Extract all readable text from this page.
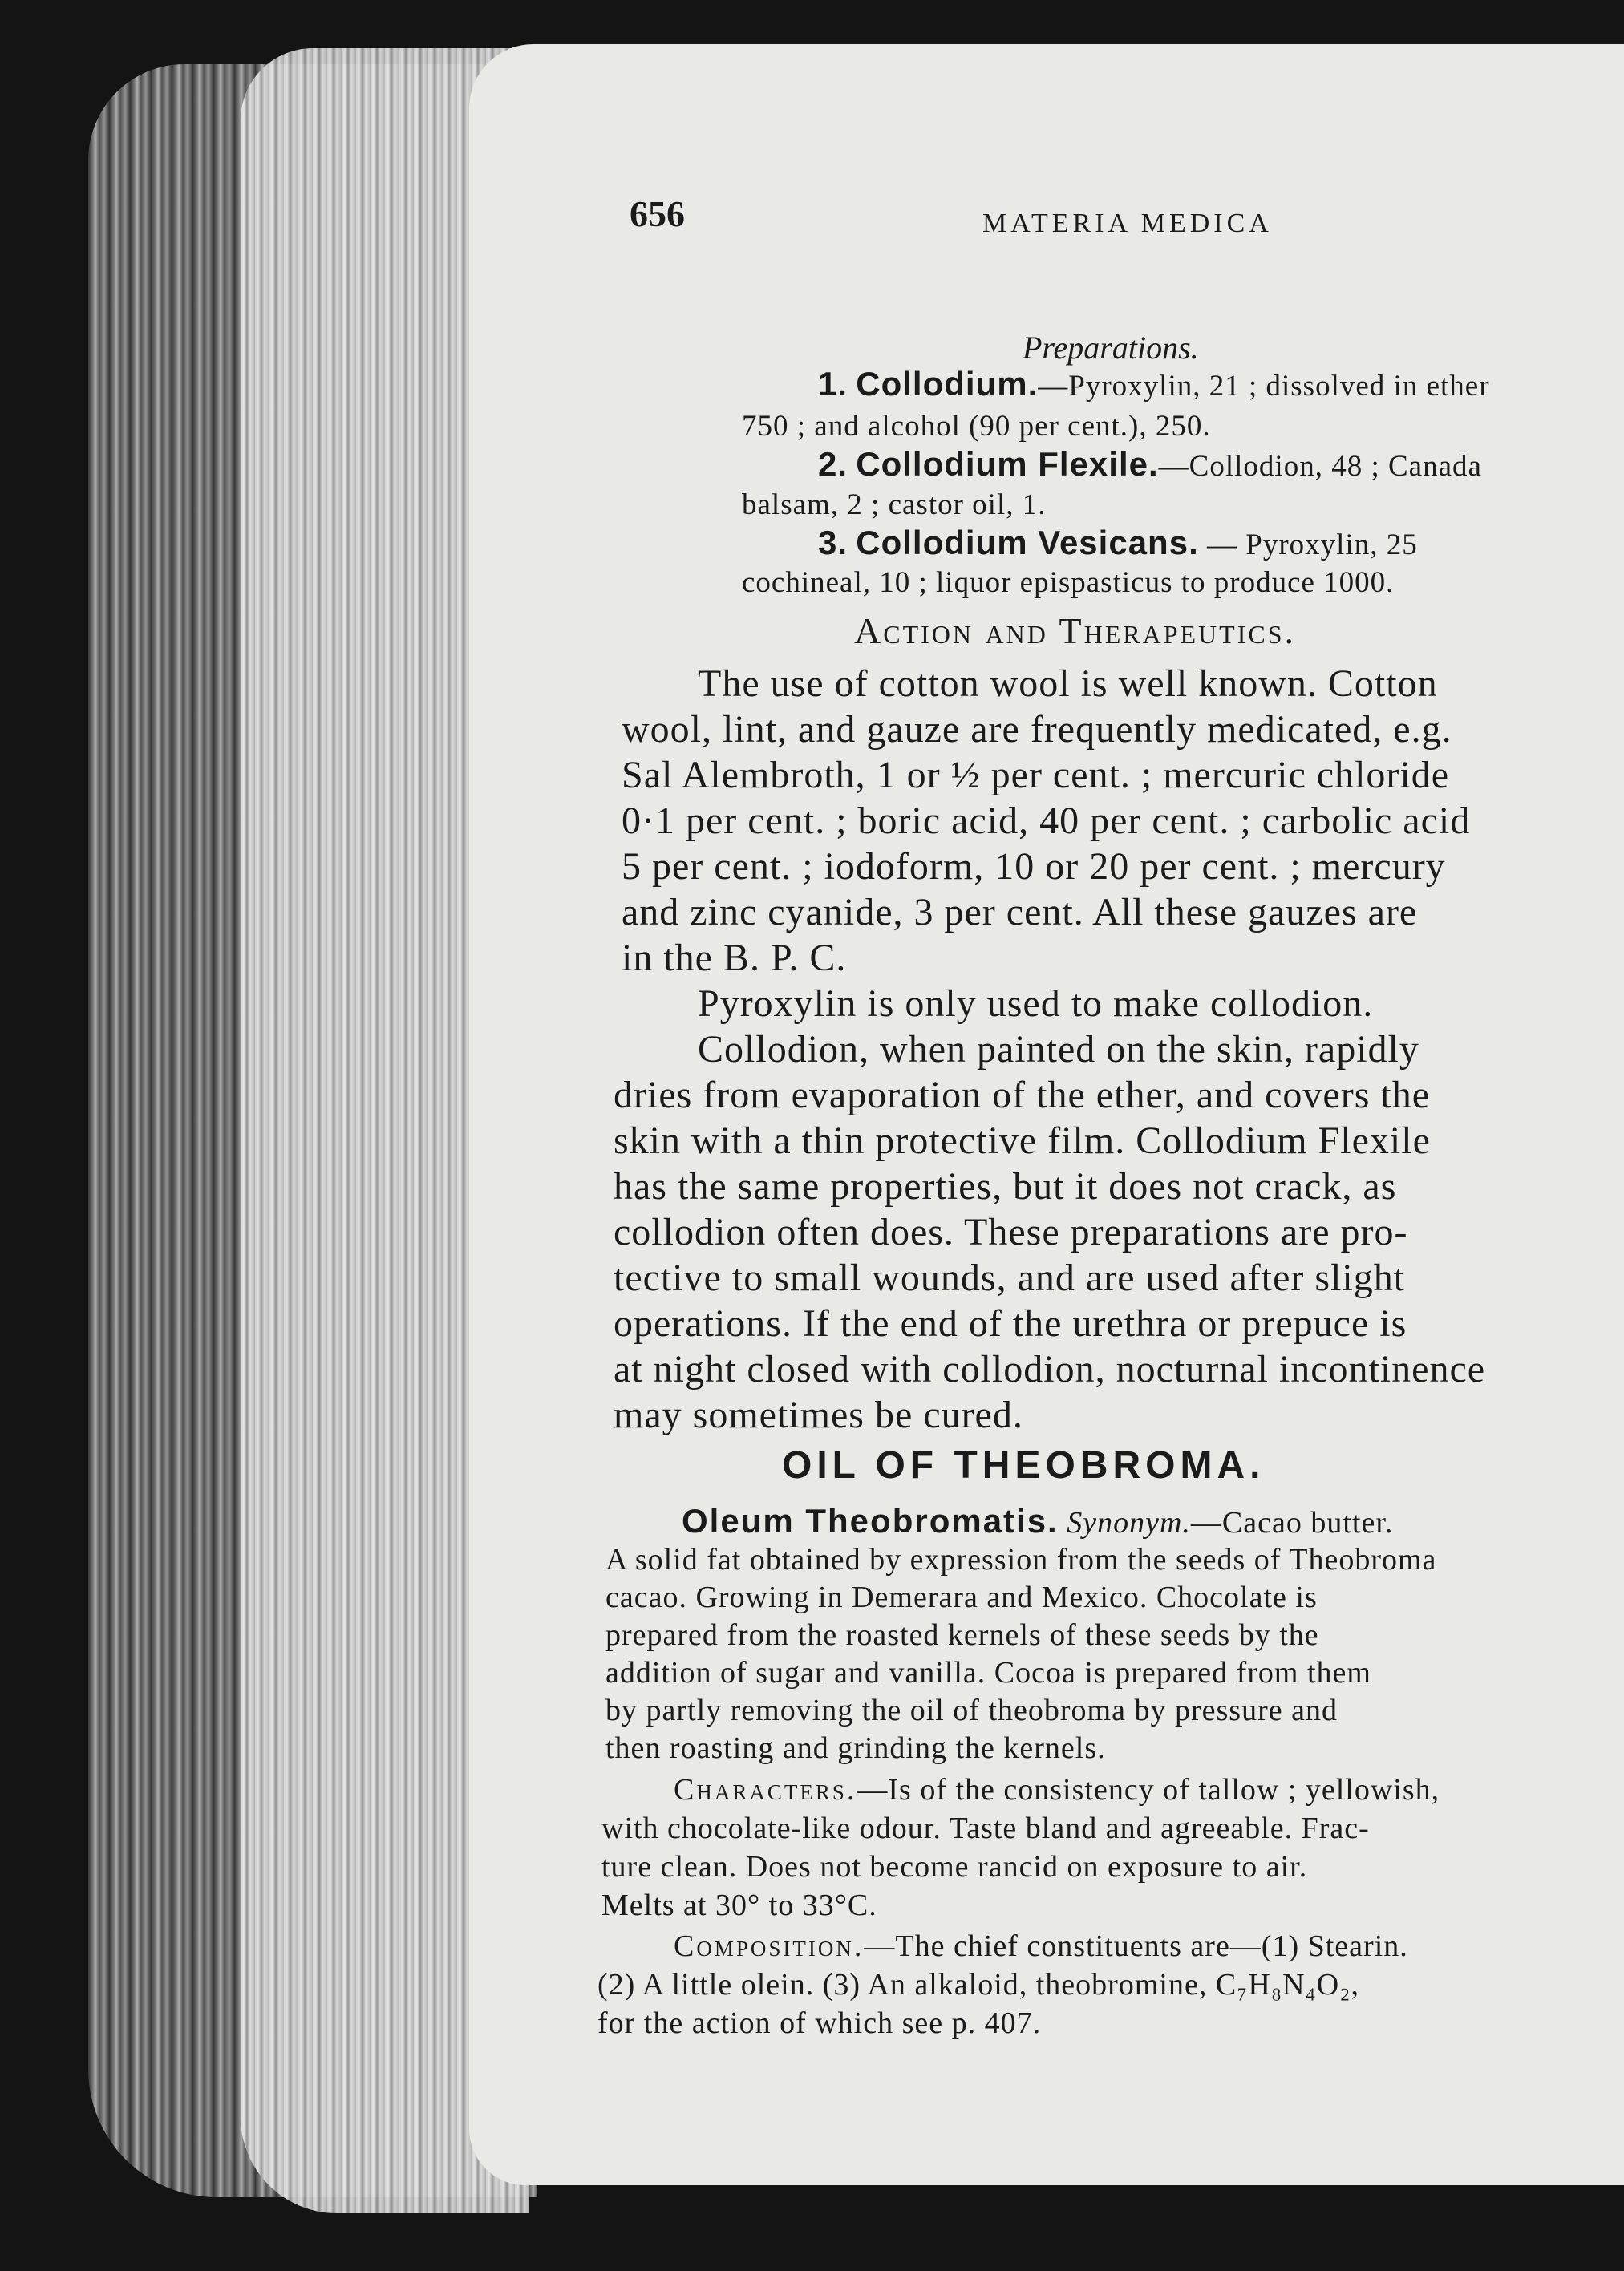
656	MATERIA MEDICA
Preparations.
1. Collodium.—Pyroxylin, 21 ; dissolved in ether
750 ; and alcohol (90 per cent.), 250.
2. Collodium Flexile.—Collodion, 48 ; Canada
balsam, 2 ; castor oil, 1.
3. Collodium Vesicans. — Pyroxylin, 25
cochineal, 10 ; liquor epispasticus to produce 1000.
Action and Therapeutics.
The use of cotton wool is well known. Cotton
wool, lint, and gauze are frequently medicated, e.g.
Sal Alembroth, 1 or ½ per cent. ; mercuric chloride
0·1 per cent. ; boric acid, 40 per cent. ; carbolic acid
5 per cent. ; iodoform, 10 or 20 per cent. ; mercury
and zinc cyanide, 3 per cent. All these gauzes are
in the B. P. C.
Pyroxylin is only used to make collodion.
Collodion, when painted on the skin, rapidly
dries from evaporation of the ether, and covers the
skin with a thin protective film. Collodium Flexile
has the same properties, but it does not crack, as
collodion often does. These preparations are pro-
tective to small wounds, and are used after slight
operations. If the end of the urethra or prepuce is
at night closed with collodion, nocturnal incontinence
may sometimes be cured.
OIL OF THEOBROMA.
Oleum Theobromatis. Synonym.—Cacao butter.
A solid fat obtained by expression from the seeds of Theobroma
cacao. Growing in Demerara and Mexico. Chocolate is
prepared from the roasted kernels of these seeds by the
addition of sugar and vanilla. Cocoa is prepared from them
by partly removing the oil of theobroma by pressure and
then roasting and grinding the kernels.
Characters.—Is of the consistency of tallow ; yellowish,
with chocolate-like odour. Taste bland and agreeable. Frac-
ture clean. Does not become rancid on exposure to air.
Melts at 30° to 33°C.
Composition.—The chief constituents are—(1) Stearin.
(2) A little olein. (3) An alkaloid, theobromine, C₇H₈N₄O₂,
for the action of which see p. 407.
